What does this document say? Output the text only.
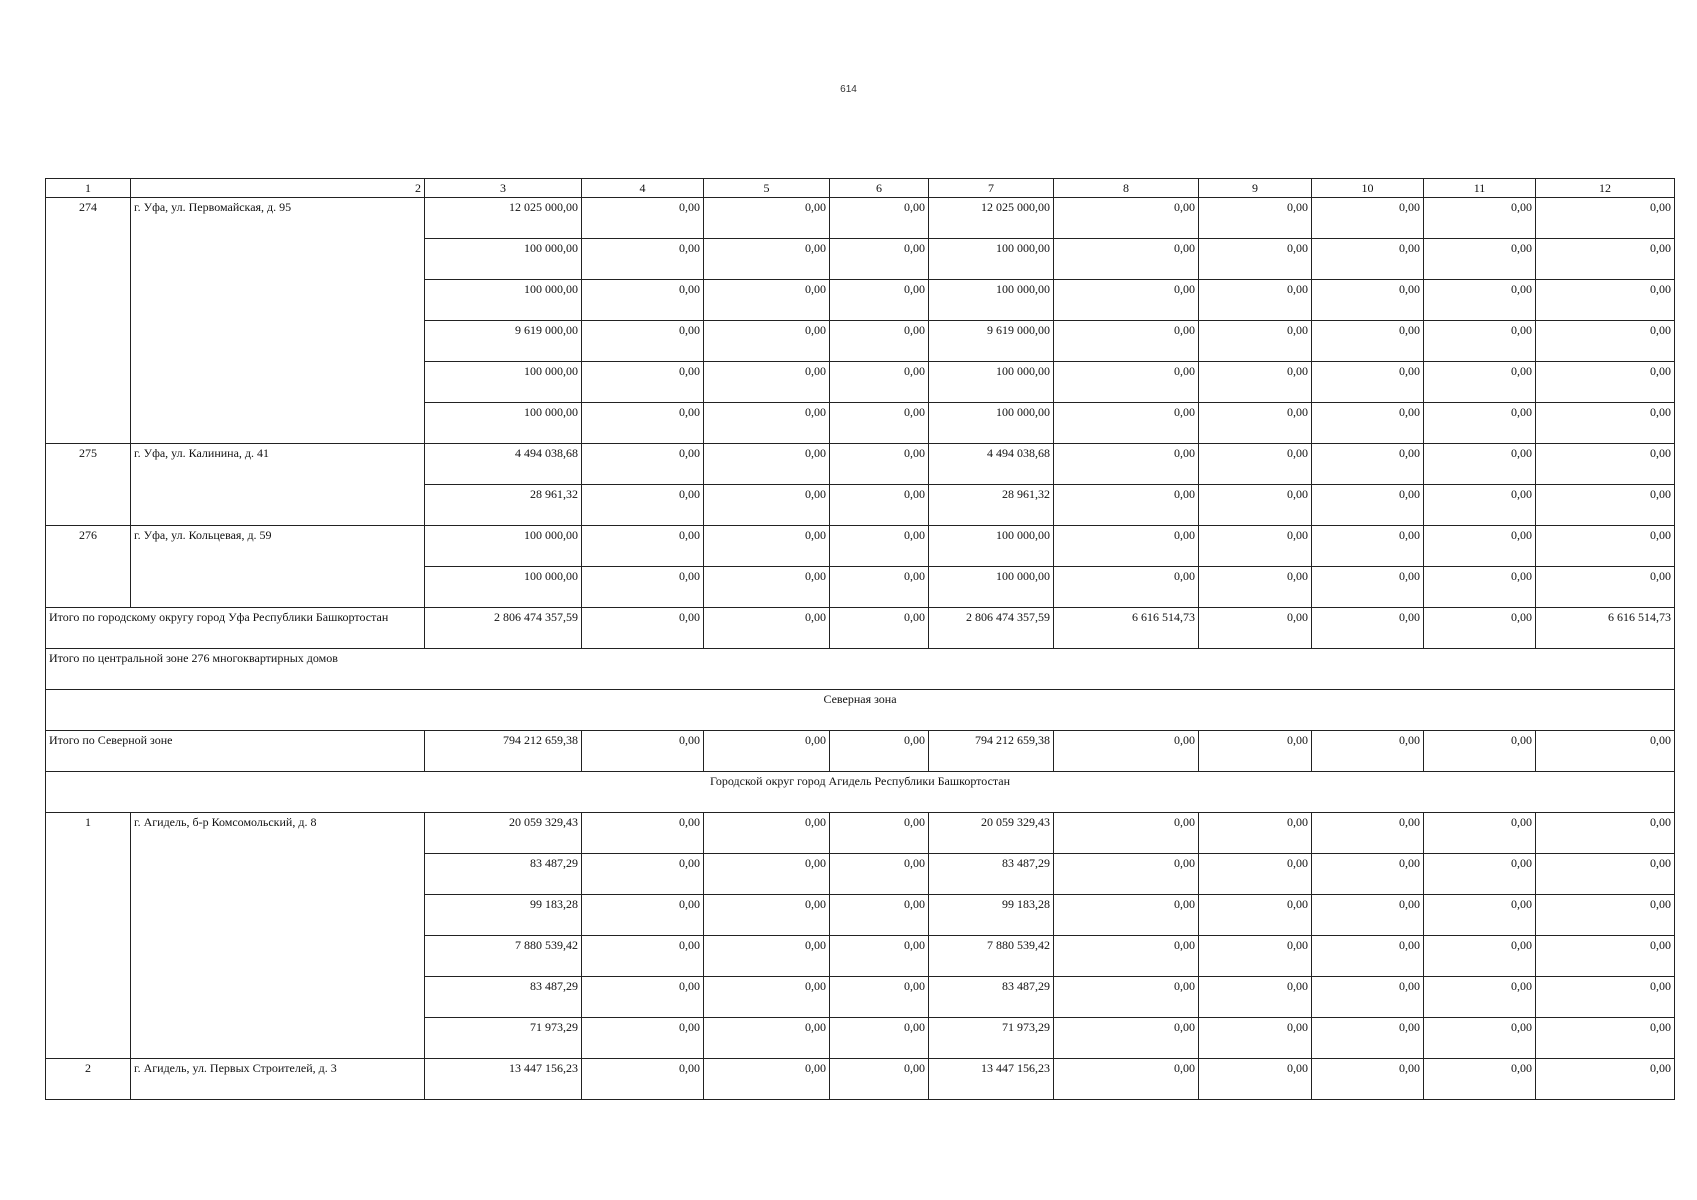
614
1	2	3	4	5	6	7	8	9	10	11	12
274	г. Уфа, ул. Первомайская, д. 95	12 025 000,00	0,00	0,00	0,00	12 025 000,00	0,00	0,00	0,00	0,00	0,00
		100 000,00	0,00	0,00	0,00	100 000,00	0,00	0,00	0,00	0,00	0,00
		100 000,00	0,00	0,00	0,00	100 000,00	0,00	0,00	0,00	0,00	0,00
		9 619 000,00	0,00	0,00	0,00	9 619 000,00	0,00	0,00	0,00	0,00	0,00
		100 000,00	0,00	0,00	0,00	100 000,00	0,00	0,00	0,00	0,00	0,00
		100 000,00	0,00	0,00	0,00	100 000,00	0,00	0,00	0,00	0,00	0,00
275	г. Уфа, ул. Калинина, д. 41	4 494 038,68	0,00	0,00	0,00	4 494 038,68	0,00	0,00	0,00	0,00	0,00
		28 961,32	0,00	0,00	0,00	28 961,32	0,00	0,00	0,00	0,00	0,00
276	г. Уфа, ул. Кольцевая, д. 59	100 000,00	0,00	0,00	0,00	100 000,00	0,00	0,00	0,00	0,00	0,00
		100 000,00	0,00	0,00	0,00	100 000,00	0,00	0,00	0,00	0,00	0,00
Итого по городскому округу город Уфа Республики Башкортостан		2 806 474 357,59	0,00	0,00	0,00	2 806 474 357,59	6 616 514,73	0,00	0,00	0,00	6 616 514,73
Итого по центральной зоне 276 многоквартирных домов											
Северная зона											
Итого по Северной зоне		794 212 659,38	0,00	0,00	0,00	794 212 659,38	0,00	0,00	0,00	0,00	0,00
Городской округ город Агидель Республики Башкортостан											
1	г. Агидель, б-р Комсомольский, д. 8	20 059 329,43	0,00	0,00	0,00	20 059 329,43	0,00	0,00	0,00	0,00	0,00
		83 487,29	0,00	0,00	0,00	83 487,29	0,00	0,00	0,00	0,00	0,00
		99 183,28	0,00	0,00	0,00	99 183,28	0,00	0,00	0,00	0,00	0,00
		7 880 539,42	0,00	0,00	0,00	7 880 539,42	0,00	0,00	0,00	0,00	0,00
		83 487,29	0,00	0,00	0,00	83 487,29	0,00	0,00	0,00	0,00	0,00
		71 973,29	0,00	0,00	0,00	71 973,29	0,00	0,00	0,00	0,00	0,00
2	г. Агидель, ул. Первых Строителей, д. 3	13 447 156,23	0,00	0,00	0,00	13 447 156,23	0,00	0,00	0,00	0,00	0,00
